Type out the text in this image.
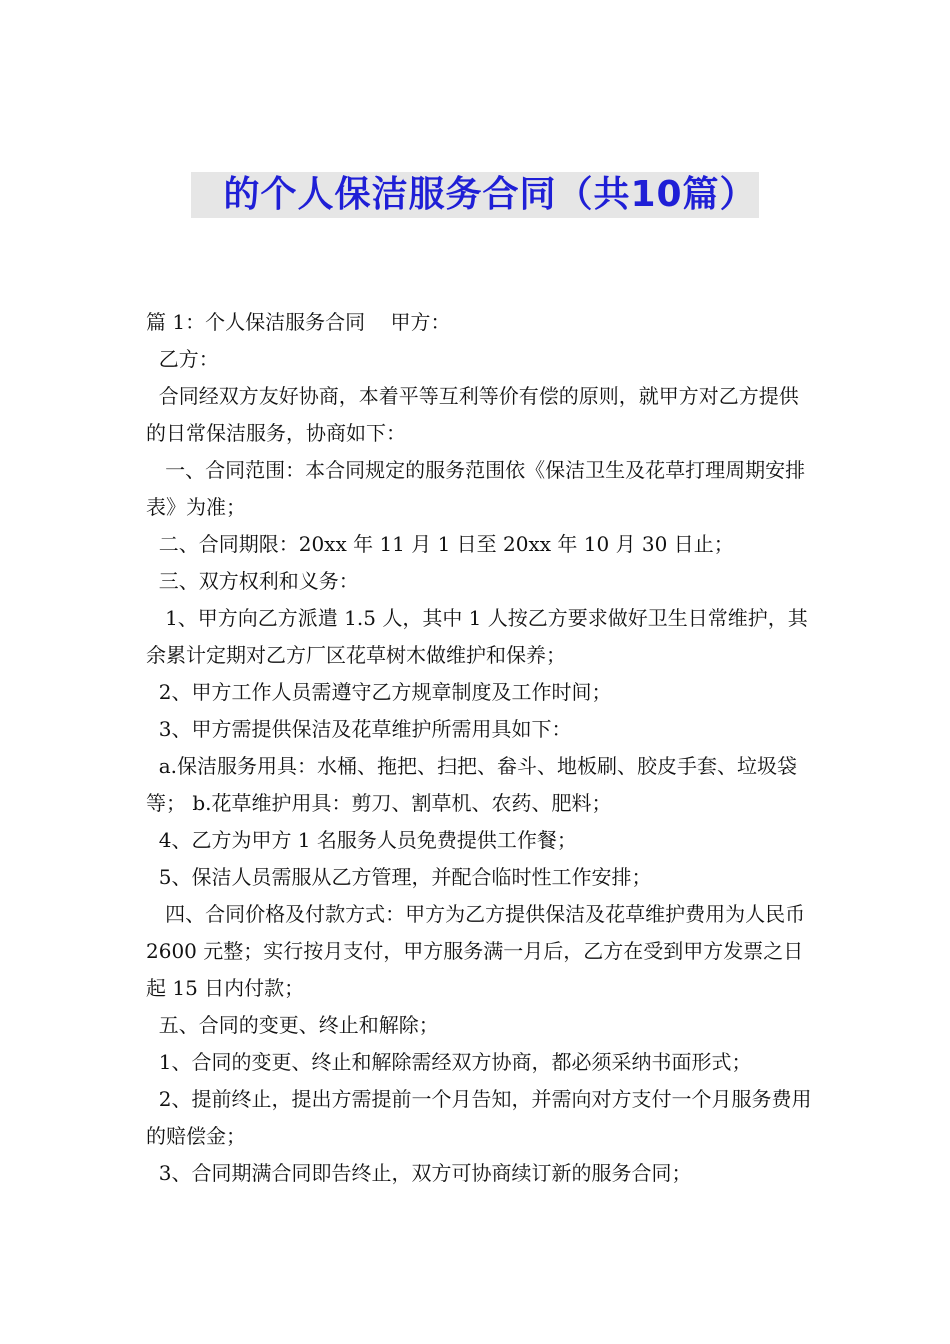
的个人保洁服务合同（共10篇）

篇 1：个人保洁服务合同    甲方：

乙方：

合同经双方友好协商，本着平等互利等价有偿的原则，就甲方对乙方提供的日常保洁服务，协商如下：

一、合同范围：本合同规定的服务范围依《保洁卫生及花草打理周期安排表》为准；

二、合同期限：20xx 年 11 月 1 日至 20xx 年 10 月 30 日止；

三、双方权利和义务：

1、甲方向乙方派遣 1.5 人，其中 1 人按乙方要求做好卫生日常维护，其余累计定期对乙方厂区花草树木做维护和保养；

2、甲方工作人员需遵守乙方规章制度及工作时间；

3、甲方需提供保洁及花草维护所需用具如下：

a.保洁服务用具：水桶、拖把、扫把、畚斗、地板刷、胶皮手套、垃圾袋等； b.花草维护用具：剪刀、割草机、农药、肥料；

4、乙方为甲方 1 名服务人员免费提供工作餐；

5、保洁人员需服从乙方管理，并配合临时性工作安排；

四、合同价格及付款方式：甲方为乙方提供保洁及花草维护费用为人民币 2600 元整；实行按月支付，甲方服务满一月后，乙方在受到甲方发票之日起 15 日内付款；

五、合同的变更、终止和解除；

1、合同的变更、终止和解除需经双方协商，都必须采纳书面形式；

2、提前终止，提出方需提前一个月告知，并需向对方支付一个月服务费用的赔偿金；

3、合同期满合同即告终止，双方可协商续订新的服务合同；
